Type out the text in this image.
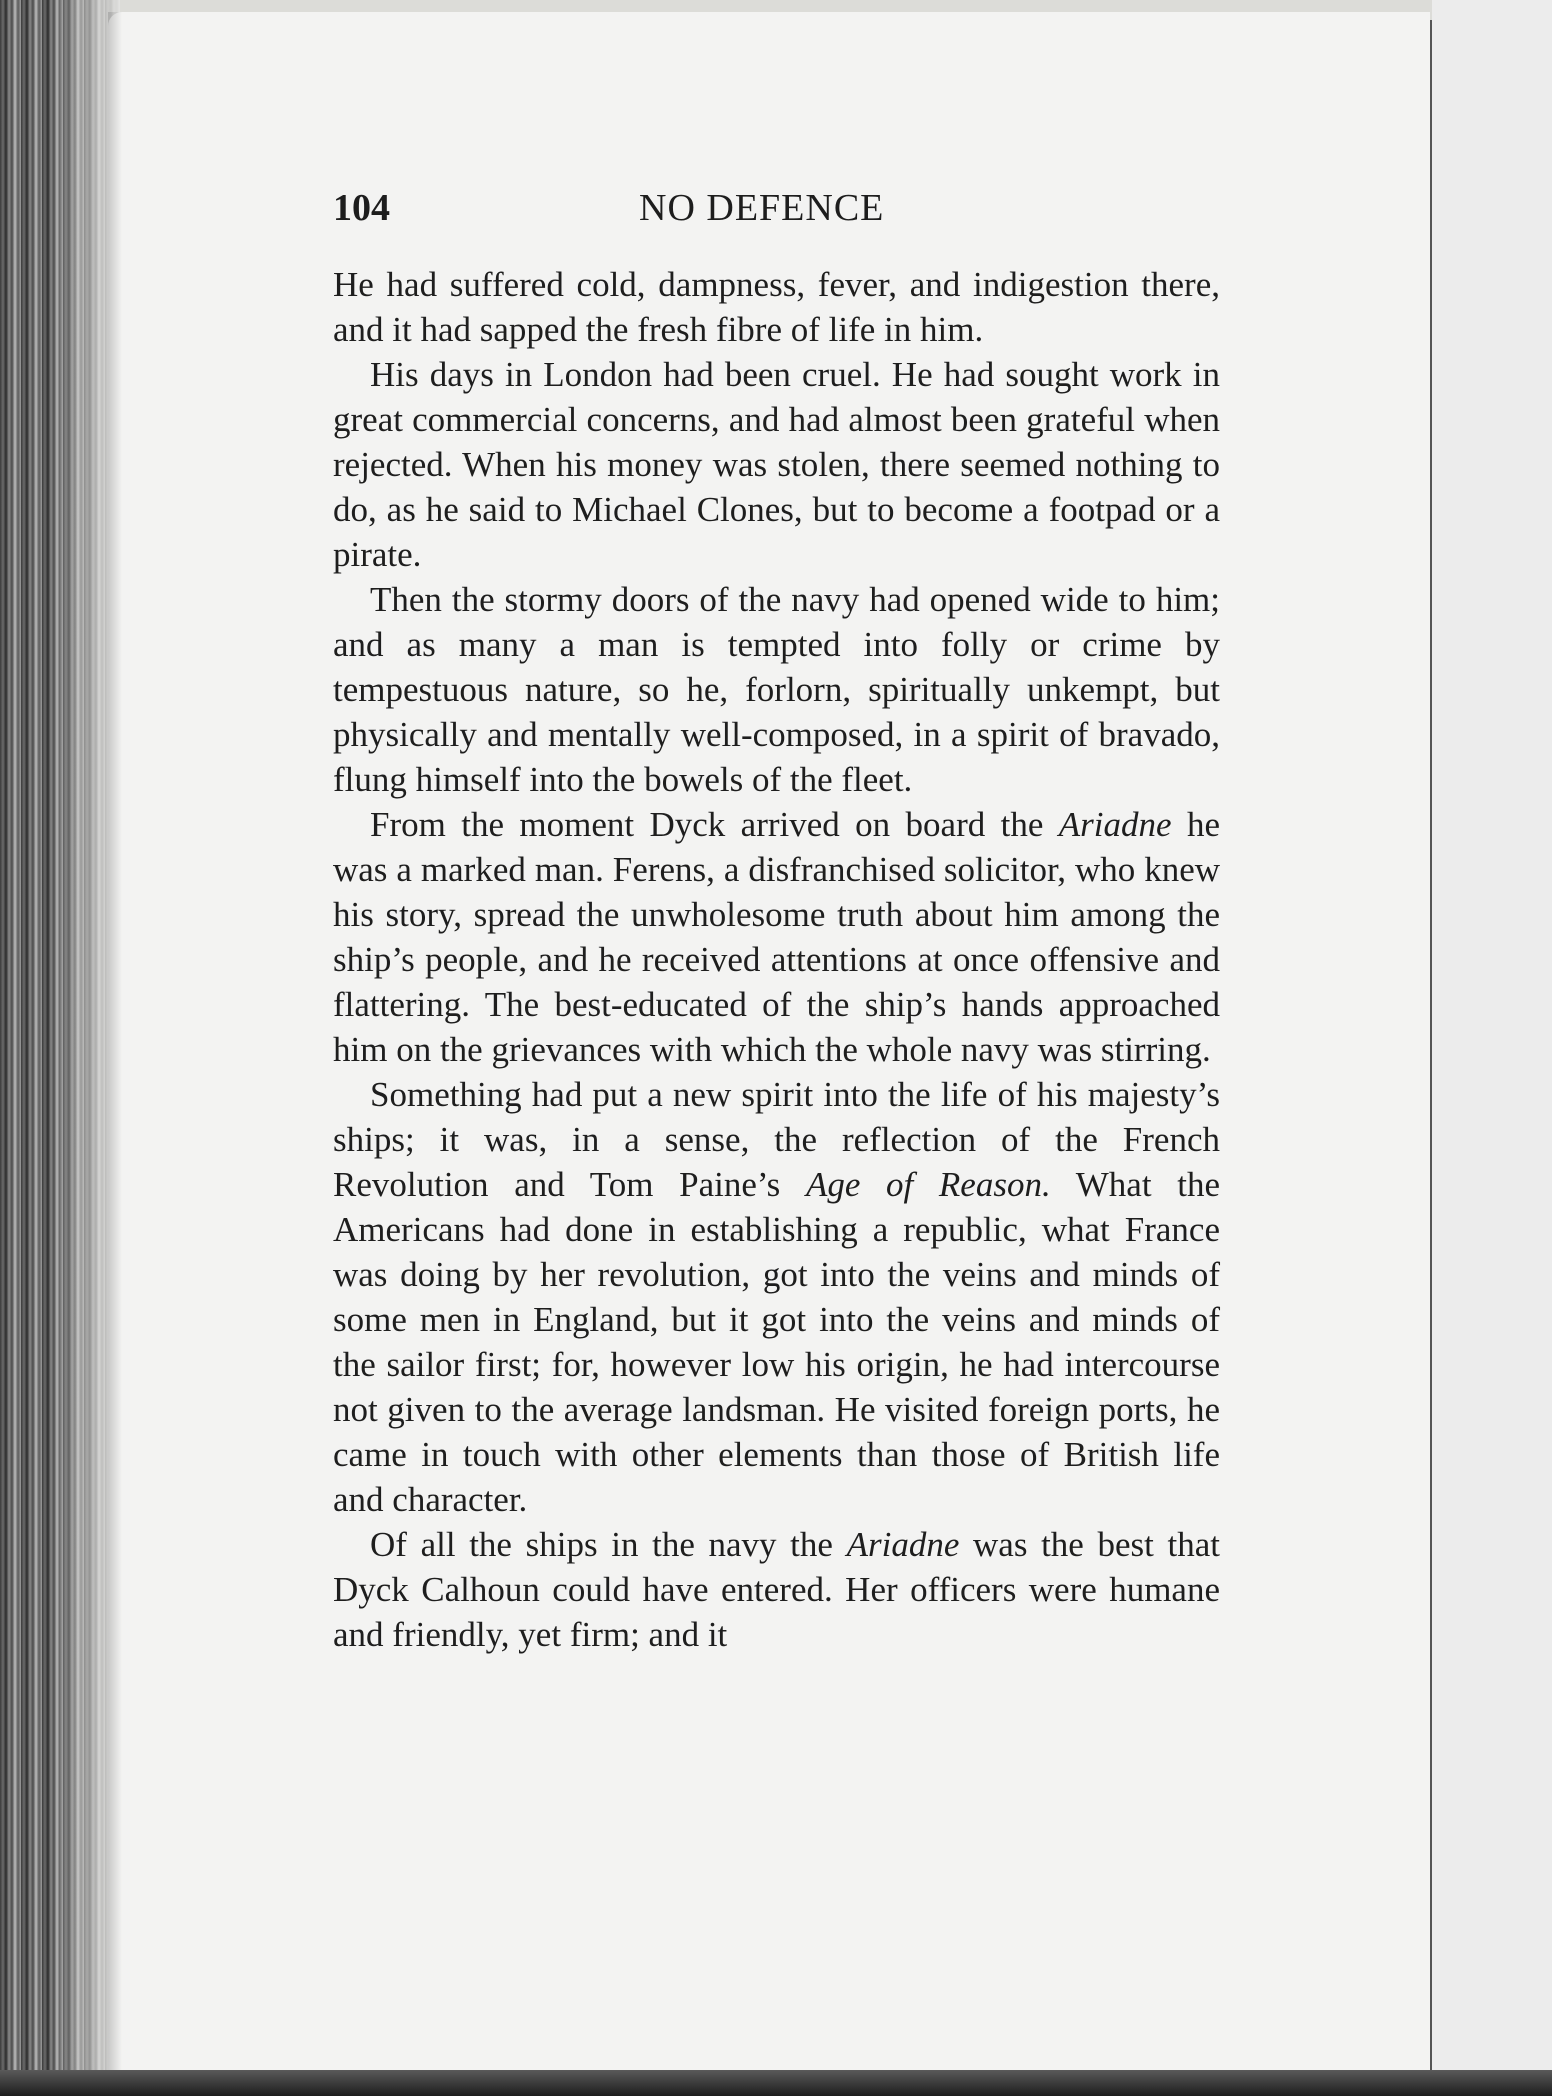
104	NO DEFENCE

He had suffered cold, dampness, fever, and indigestion there, and it had sapped the fresh fibre of life in him.

His days in London had been cruel. He had sought work in great commercial concerns, and had almost been grateful when rejected. When his money was stolen, there seemed nothing to do, as he said to Michael Clones, but to become a footpad or a pirate.

Then the stormy doors of the navy had opened wide to him; and as many a man is tempted into folly or crime by tempestuous nature, so he, forlorn, spiritually unkempt, but physically and mentally well-composed, in a spirit of bravado, flung himself into the bowels of the fleet.

From the moment Dyck arrived on board the Ariadne he was a marked man. Ferens, a disfranchised solicitor, who knew his story, spread the unwholesome truth about him among the ship’s people, and he received attentions at once offensive and flattering. The best-educated of the ship’s hands approached him on the grievances with which the whole navy was stirring.

Something had put a new spirit into the life of his majesty’s ships; it was, in a sense, the reflection of the French Revolution and Tom Paine’s Age of Reason. What the Americans had done in establishing a republic, what France was doing by her revolution, got into the veins and minds of some men in England, but it got into the veins and minds of the sailor first; for, however low his origin, he had intercourse not given to the average landsman. He visited foreign ports, he came in touch with other elements than those of British life and character.

Of all the ships in the navy the Ariadne was the best that Dyck Calhoun could have entered. Her officers were humane and friendly, yet firm; and it
